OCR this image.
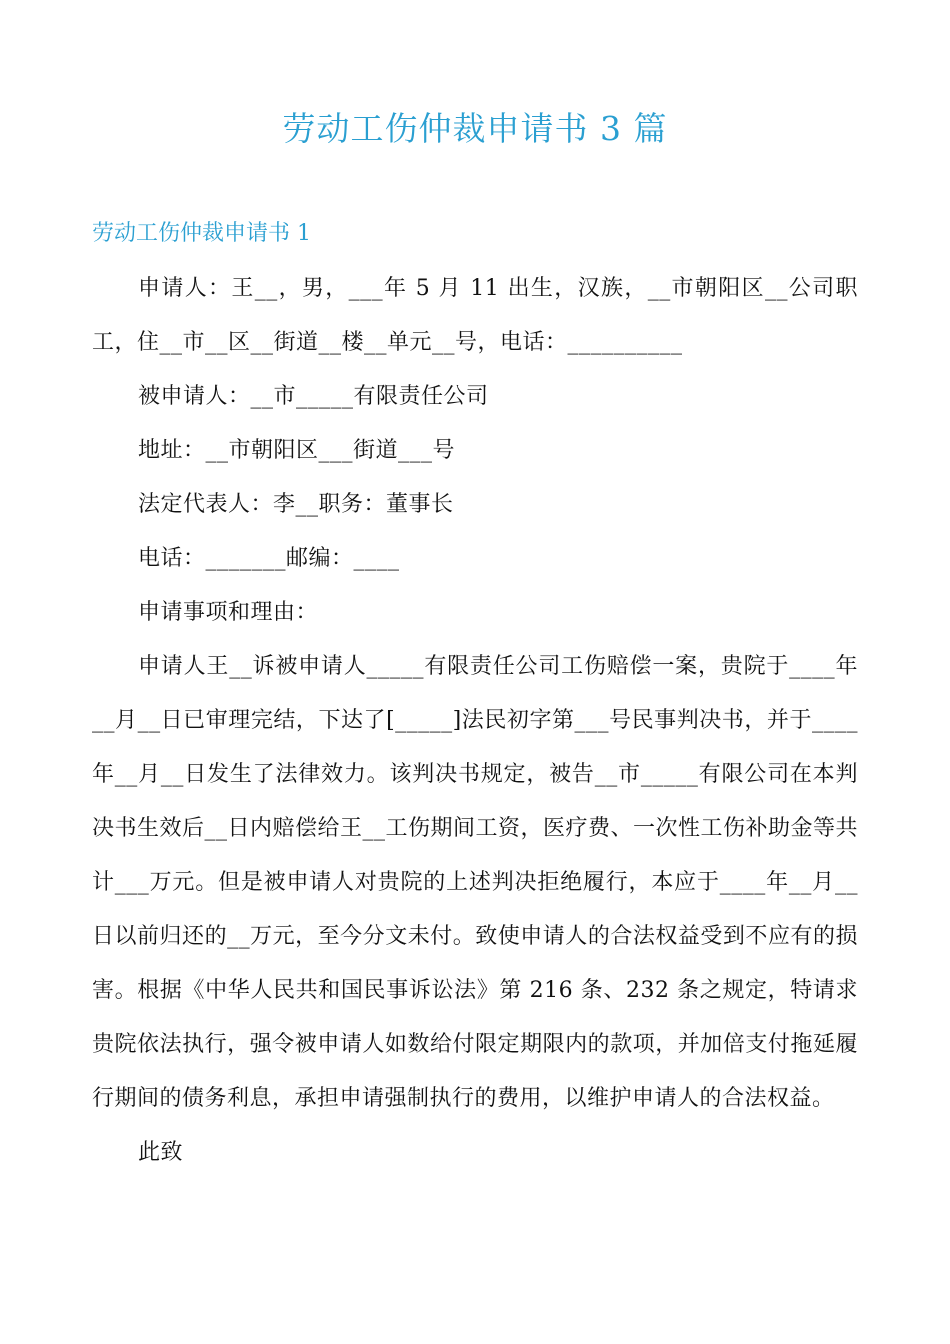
劳动工伤仲裁申请书 3 篇
劳动工伤仲裁申请书 1

申请人：王__，男，___年 5 月 11 出生，汉族，__市朝阳区__公司职工，住__市__区__街道__楼__单元__号，电话：__________

被申请人：__市_____有限责任公司

地址：__市朝阳区___街道___号

法定代表人：李__职务：董事长

电话：_______邮编：____

申请事项和理由：

申请人王__诉被申请人_____有限责任公司工伤赔偿一案，贵院于____年__月__日已审理完结，下达了[_____]法民初字第___号民事判决书，并于____年__月__日发生了法律效力。该判决书规定，被告__市_____有限公司在本判决书生效后__日内赔偿给王__工伤期间工资，医疗费、一次性工伤补助金等共计___万元。但是被申请人对贵院的上述判决拒绝履行，本应于____年__月__日以前归还的__万元，至今分文未付。致使申请人的合法权益受到不应有的损害。根据《中华人民共和国民事诉讼法》第 216 条、232 条之规定，特请求贵院依法执行，强令被申请人如数给付限定期限内的款项，并加倍支付拖延履行期间的债务利息，承担申请强制执行的费用，以维护申请人的合法权益。

此致
